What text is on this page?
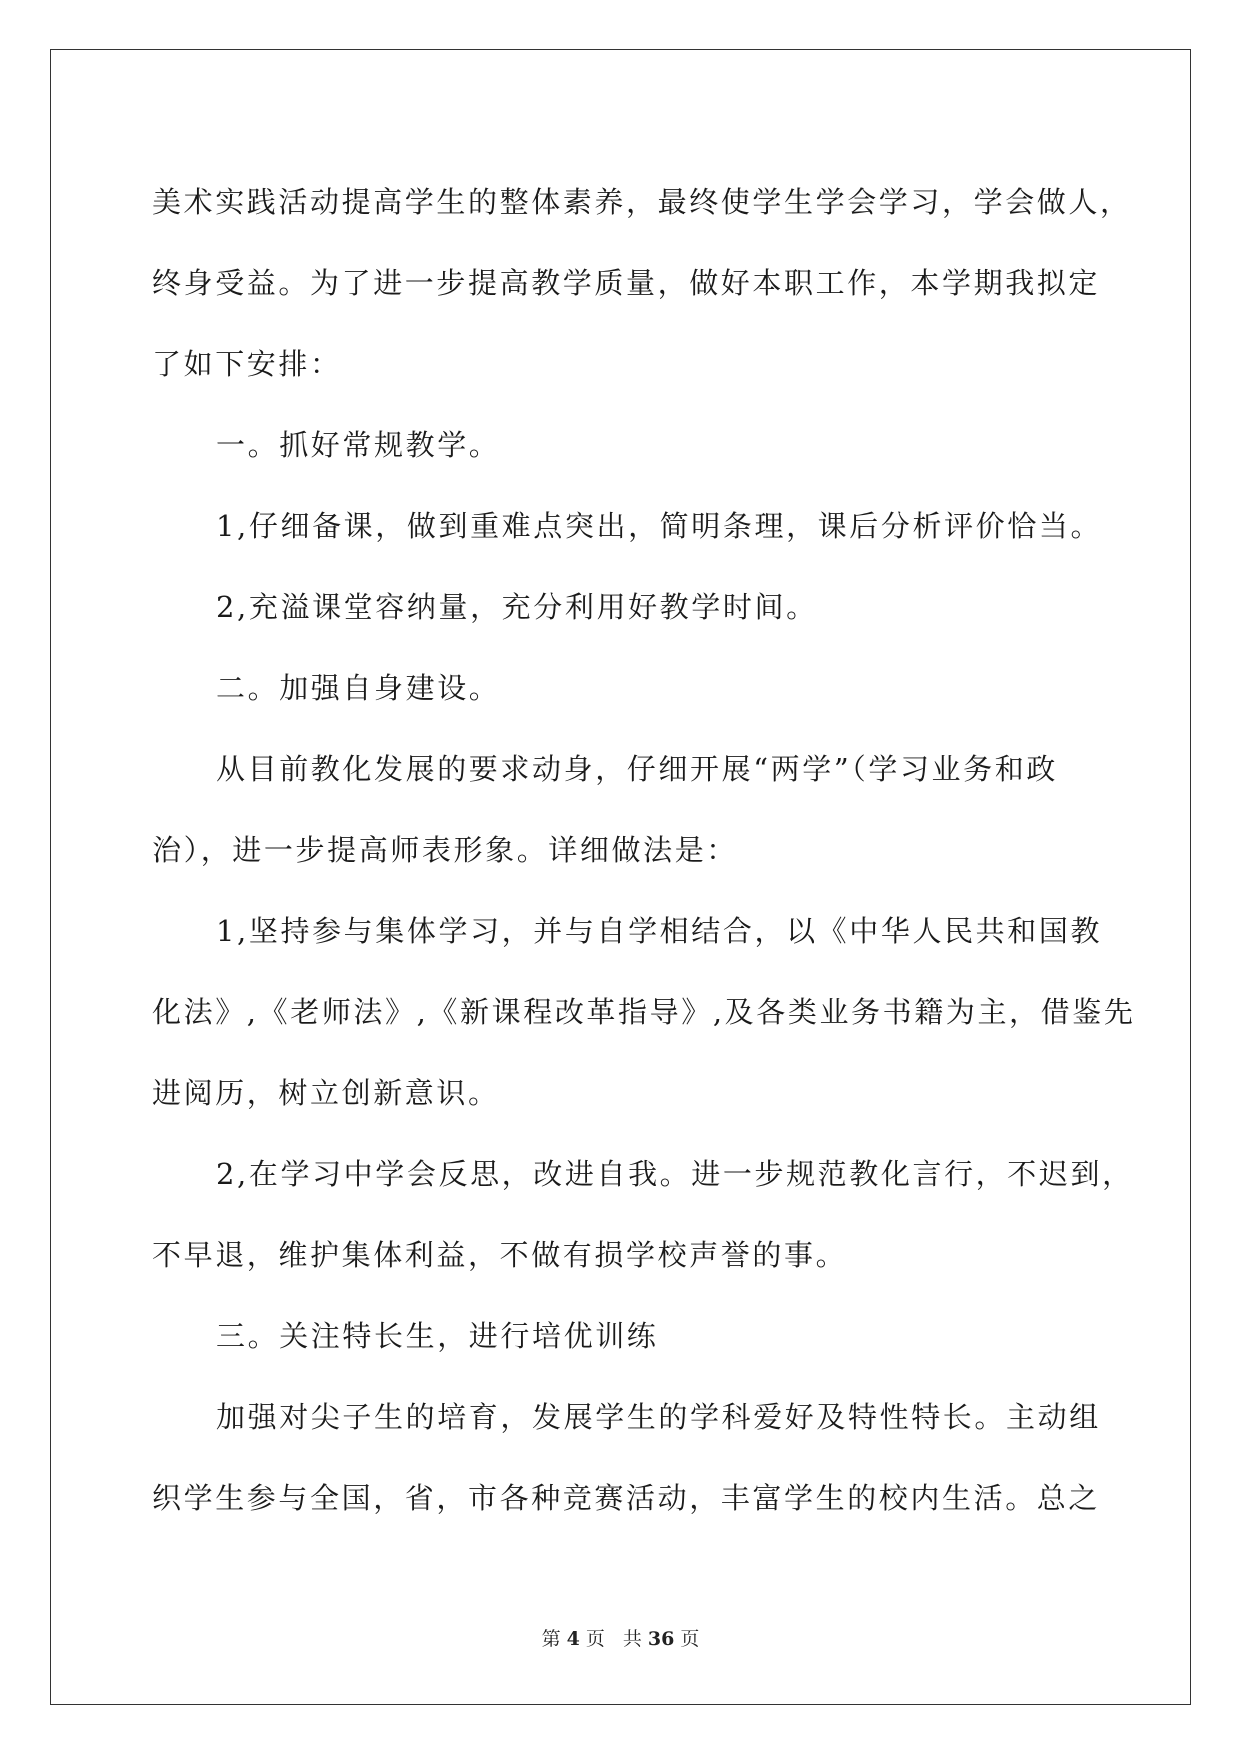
美术实践活动提高学生的整体素养，最终使学生学会学习，学会做人，
终身受益。为了进一步提高教学质量，做好本职工作，本学期我拟定
了如下安排：
一。抓好常规教学。
1,仔细备课，做到重难点突出，简明条理，课后分析评价恰当。
2,充溢课堂容纳量，充分利用好教学时间。
二。加强自身建设。
从目前教化发展的要求动身，仔细开展“两学”（学习业务和政
治），进一步提高师表形象。详细做法是：
1,坚持参与集体学习，并与自学相结合，以《中华人民共和国教
化法》,《老师法》,《新课程改革指导》,及各类业务书籍为主，借鉴先
进阅历，树立创新意识。
2,在学习中学会反思，改进自我。进一步规范教化言行，不迟到，
不早退，维护集体利益，不做有损学校声誉的事。
三。关注特长生，进行培优训练
加强对尖子生的培育，发展学生的学科爱好及特性特长。主动组
织学生参与全国，省，市各种竞赛活动，丰富学生的校内生活。总之
第 4 页 共 36 页
